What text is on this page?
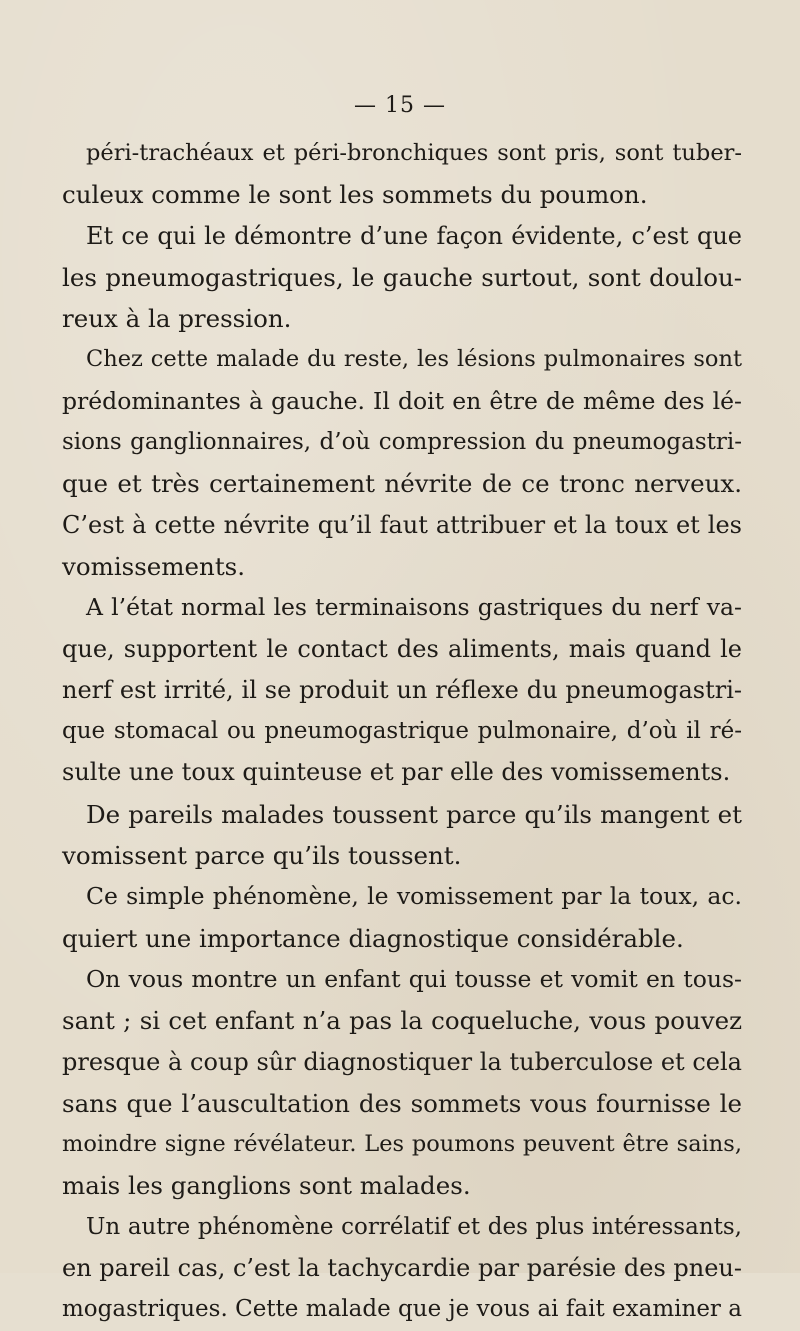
— 15 —
péri-trachéaux et péri-bronchiques sont pris, sont tuber-
culeux comme le sont les sommets du poumon.
Et ce qui le démontre d’une façon évidente, c’est que
les pneumogastriques, le gauche surtout, sont doulou-
reux à la pression.
Chez cette malade du reste, les lésions pulmonaires sont
prédominantes à gauche. Il doit en être de même des lé-
sions ganglionnaires, d’où compression du pneumogastri-
que et très certainement névrite de ce tronc nerveux.
C’est à cette névrite qu’il faut attribuer et la toux et les
vomissements.
A l’état normal les terminaisons gastriques du nerf va-
que, supportent le contact des aliments, mais quand le
nerf est irrité, il se produit un réflexe du pneumogastri-
que stomacal ou pneumogastrique pulmonaire, d’où il ré-
sulte une toux quinteuse et par elle des vomissements.
De pareils malades toussent parce qu’ils mangent et
vomissent parce qu’ils toussent.
Ce simple phénomène, le vomissement par la toux, ac.
quiert une importance diagnostique considérable.
On vous montre un enfant qui tousse et vomit en tous-
sant ; si cet enfant n’a pas la coqueluche, vous pouvez
presque à coup sûr diagnostiquer la tuberculose et cela
sans que l’auscultation des sommets vous fournisse le
moindre signe révélateur. Les poumons peuvent être sains,
mais les ganglions sont malades.
Un autre phénomène corrélatif et des plus intéressants,
en pareil cas, c’est la tachycardie par parésie des pneu-
mogastriques. Cette malade que je vous ai fait examiner a
